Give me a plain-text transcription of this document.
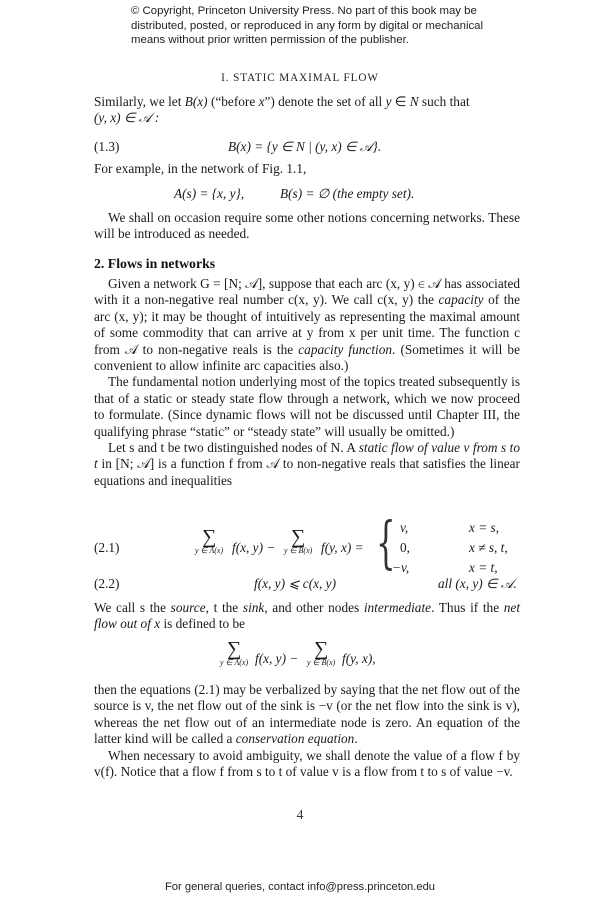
© Copyright, Princeton University Press. No part of this book may be
distributed, posted, or reproduced in any form by digital or mechanical
means without prior written permission of the publisher.
I. STATIC MAXIMAL FLOW

Similarly, we let B(x) (“before x”) denote the set of all y ∈ N such that

(y, x) ∈ 𝒜 :

(1.3)	B(x) = {y ∈ N | (y, x) ∈ 𝒜}.

For example, in the network of Fig. 1.1,

A(s) = {x, y},	B(s) = ∅ (the empty set).

We shall on occasion require some other notions concerning networks. These will be introduced as needed.

2. Flows in networks

Given a network G = [N; 𝒜], suppose that each arc (x, y) ∈ 𝒜 has associated with it a non-negative real number c(x, y). We call c(x, y) the capacity of the arc (x, y); it may be thought of intuitively as representing the maximal amount of some commodity that can arrive at y from x per unit time. The function c from 𝒜 to non-negative reals is the capacity function. (Sometimes it will be convenient to allow infinite arc capacities also.)

The fundamental notion underlying most of the topics treated subsequently is that of a static or steady state flow through a network, which we now proceed to formulate. (Since dynamic flows will not be discussed until Chapter III, the qualifying phrase “static” or “steady state” will usually be omitted.)

Let s and t be two distinguished nodes of N. A static flow of value v from s to t in [N; 𝒜] is a function f from 𝒜 to non-negative reals that satisfies the linear equations and inequalities

(2.1)	∑
y ∈ A(x) f(x, y) − ∑
y ∈ B(x) f(y, x) = { v,	x = s,
0,	x ≠ s, t,
−v,	x = t,
(2.2)	f(x, y) ⩽ c(x, y)	all (x, y) ∈ 𝒜.

We call s the source, t the sink, and other nodes intermediate. Thus if the net flow out of x is defined to be

∑
y ∈ A(x) f(x, y) − ∑
y ∈ B(x) f(y, x),

then the equations (2.1) may be verbalized by saying that the net flow out of the source is v, the net flow out of the sink is −v (or the net flow into the sink is v), whereas the net flow out of an intermediate node is zero. An equation of the latter kind will be called a conservation equation.

When necessary to avoid ambiguity, we shall denote the value of a flow f by v(f). Notice that a flow f from s to t of value v is a flow from t to s of value −v.

4
For general queries, contact info@press.princeton.edu
